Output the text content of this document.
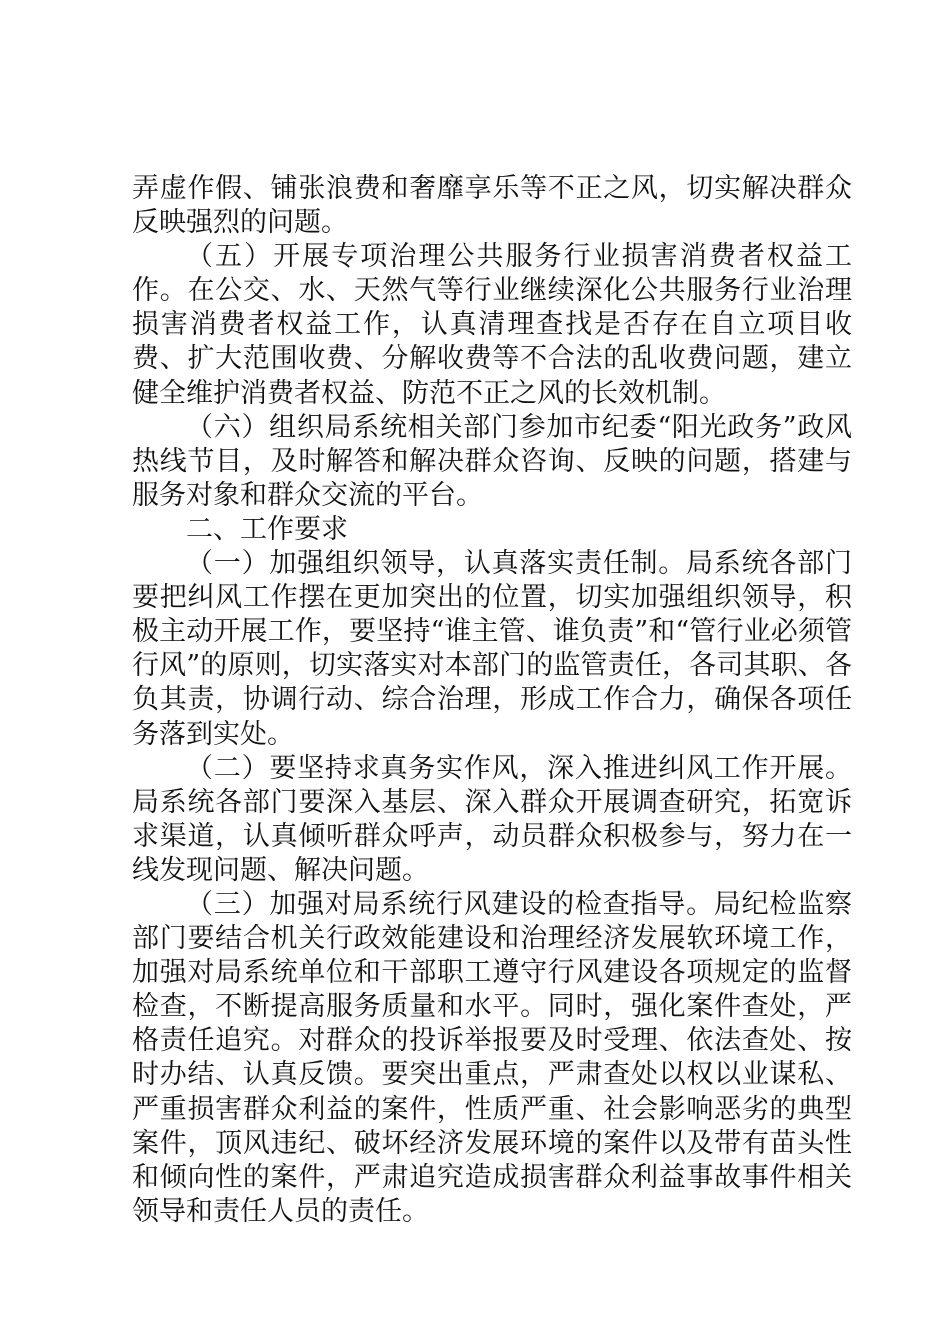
弄虚作假、铺张浪费和奢靡享乐等不正之风，切实解决群众反映强烈的问题。

（五）开展专项治理公共服务行业损害消费者权益工作。在公交、水、天然气等行业继续深化公共服务行业治理损害消费者权益工作，认真清理查找是否存在自立项目收费、扩大范围收费、分解收费等不合法的乱收费问题，建立健全维护消费者权益、防范不正之风的长效机制。

（六）组织局系统相关部门参加市纪委“阳光政务”政风热线节目，及时解答和解决群众咨询、反映的问题，搭建与服务对象和群众交流的平台。

二、工作要求

（一）加强组织领导，认真落实责任制。局系统各部门要把纠风工作摆在更加突出的位置，切实加强组织领导，积极主动开展工作，要坚持“谁主管、谁负责”和“管行业必须管行风”的原则，切实落实对本部门的监管责任，各司其职、各负其责，协调行动、综合治理，形成工作合力，确保各项任务落到实处。

（二）要坚持求真务实作风，深入推进纠风工作开展。局系统各部门要深入基层、深入群众开展调查研究，拓宽诉求渠道，认真倾听群众呼声，动员群众积极参与，努力在一线发现问题、解决问题。

（三）加强对局系统行风建设的检查指导。局纪检监察部门要结合机关行政效能建设和治理经济发展软环境工作，加强对局系统单位和干部职工遵守行风建设各项规定的监督检查，不断提高服务质量和水平。同时，强化案件查处，严格责任追究。对群众的投诉举报要及时受理、依法查处、按时办结、认真反馈。要突出重点，严肃查处以权以业谋私、严重损害群众利益的案件，性质严重、社会影响恶劣的典型案件，顶风违纪、破坏经济发展环境的案件以及带有苗头性和倾向性的案件，严肃追究造成损害群众利益事故事件相关领导和责任人员的责任。
